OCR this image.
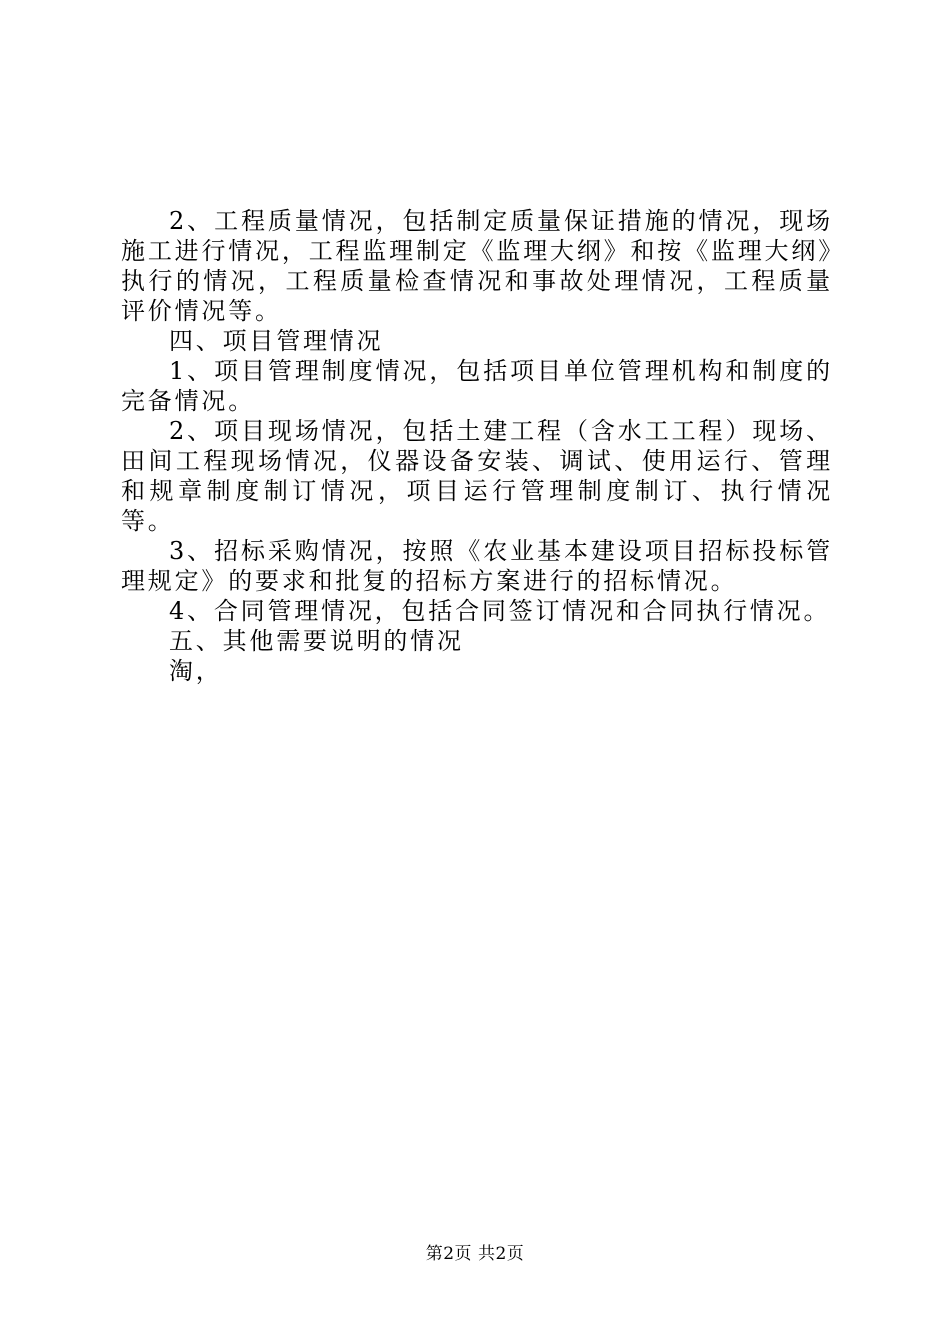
2、工程质量情况，包括制定质量保证措施的情况，现场施工进行情况，工程监理制定《监理大纲》和按《监理大纲》执行的情况，工程质量检查情况和事故处理情况，工程质量评价情况等。

四、项目管理情况

1、项目管理制度情况，包括项目单位管理机构和制度的完备情况。

2、项目现场情况，包括土建工程（含水工工程）现场、田间工程现场情况，仪器设备安装、调试、使用运行、管理和规章制度制订情况，项目运行管理制度制订、执行情况等。

3、招标采购情况，按照《农业基本建设项目招标投标管理规定》的要求和批复的招标方案进行的招标情况。

4、合同管理情况，包括合同签订情况和合同执行情况。

五、其他需要说明的情况

淘，

第2页 共2页
